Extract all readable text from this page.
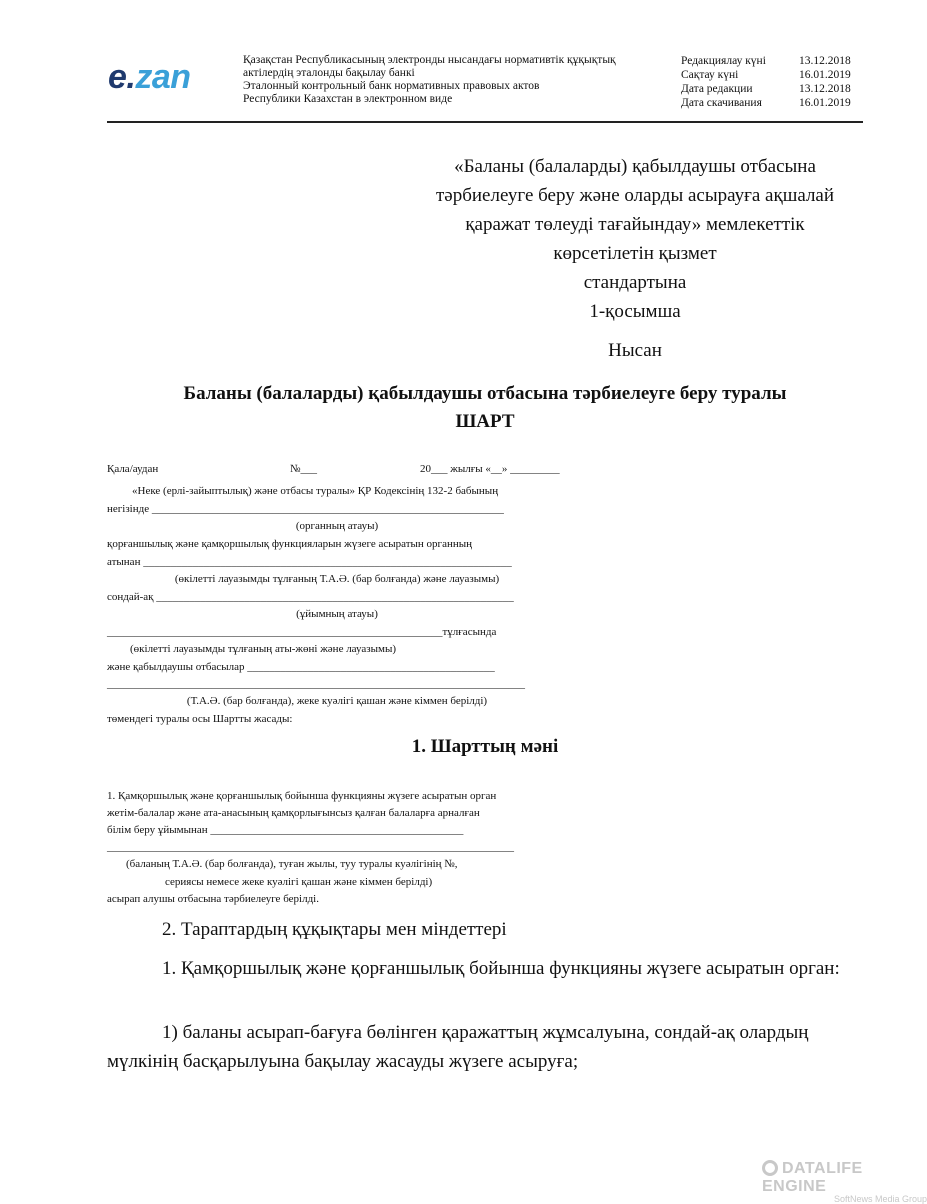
e.zan	Қазақстан Республикасының электронды нысандағы нормативтік құқықтық
актілердің эталонды бақылау банкі
Эталонный контрольный банк нормативных правовых актов
Республики Казахстан в электронном виде
Редакциялау күні	13.12.2018
Сақтау күні	16.01.2019
Дата редакции	13.12.2018
Дата скачивания	16.01.2019
«Баланы (балаларды) қабылдаушы отбасына
тәрбиелеуге беру және оларды асырауға ақшалай
қаражат төлеуді тағайындау» мемлекеттік
көрсетілетін қызмет
стандартына
1-қосымша
Нысан
Баланы (балаларды) қабылдаушы отбасына тәрбиелеуге беру туралы
ШАРТ
Қала/аудан	№___	20___ жылғы «__» _________
«Неке (ерлі-зайыптылық) және отбасы туралы» ҚР Кодексінің 132-2 бабының
негізінде ________________________________________________________________
(органның атауы)
қорғаншылық және қамқоршылық функцияларын жүзеге асыратын органның
атынан ___________________________________________________________________
(өкілетті лауазымды тұлғаның Т.А.Ә. (бар болғанда) және лауазымы)
сондай-ақ _________________________________________________________________
(ұйымның атауы)
_____________________________________________________________тұлғасында
(өкілетті лауазымды тұлғаның аты-жөні және лауазымы)
және қабылдаушы отбасылар _____________________________________________
____________________________________________________________________________
(Т.А.Ә. (бар болғанда), жеке куәлігі қашан және кіммен берілді)
төмендегі туралы осы Шартты жасады:
1. Шарттың мәні
1. Қамқоршылық және қорғаншылық бойынша функцияны жүзеге асыратын орган
жетім-балалар және ата-анасының қамқорлығынсыз қалған балаларға арналған
білім беру ұйымынан ______________________________________________
__________________________________________________________________________
(баланың Т.А.Ә. (бар болғанда), туған жылы, туу туралы куәлігінің №,
сериясы немесе жеке куәлігі қашан және кіммен берілді)
асырап алушы отбасына тәрбиелеуге берілді.
2. Тараптардың құқықтары мен міндеттері
1. Қамқоршылық және қорғаншылық бойынша функцияны жүзеге асыратын орган:
1) баланы асырап-бағуға бөлінген қаражаттың жұмсалуына, сондай-ақ олардың мүлкінің басқарылуына бақылау жасауды жүзеге асыруға;
DATALIFE ENGINE
SoftNews Media Group
